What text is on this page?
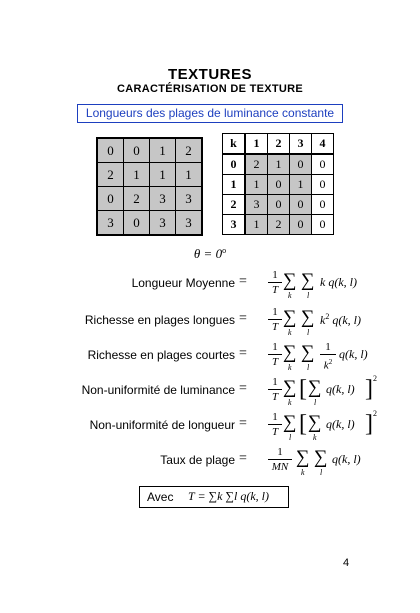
TEXTURES
CARACTÉRISATION DE TEXTURE
Longueurs des plages de luminance constante
0	0	1	2
2	1	1	1
0	2	3	3
3	0	3	3
k	1	2	3	4
0	2	1	0	0
1	1	0	1	0
2	3	0	0	0
3	1	2	0	0
$\theta = 0^o$
Longueur Moyenne =	1
T ∑
k
∑
l
k q(k, l)
Richesse en plages longues =	1
T ∑
k
∑
l
$k^2$ q(k, l)
Richesse en plages courtes =	1
T ∑
k
∑
l
1
$k^2$
q(k, l)
Non-uniformité de luminance =	1
T ∑
k
[ ∑
l
q(k, l) ] 2
Non-uniformité de longueur =	1
T ∑
l
[ ∑
k
q(k, l) ] 2
Taux de plage =	1
MN ∑
k
∑
l
q(k, l)
Avec T = ∑k ∑l q(k, l)
4
